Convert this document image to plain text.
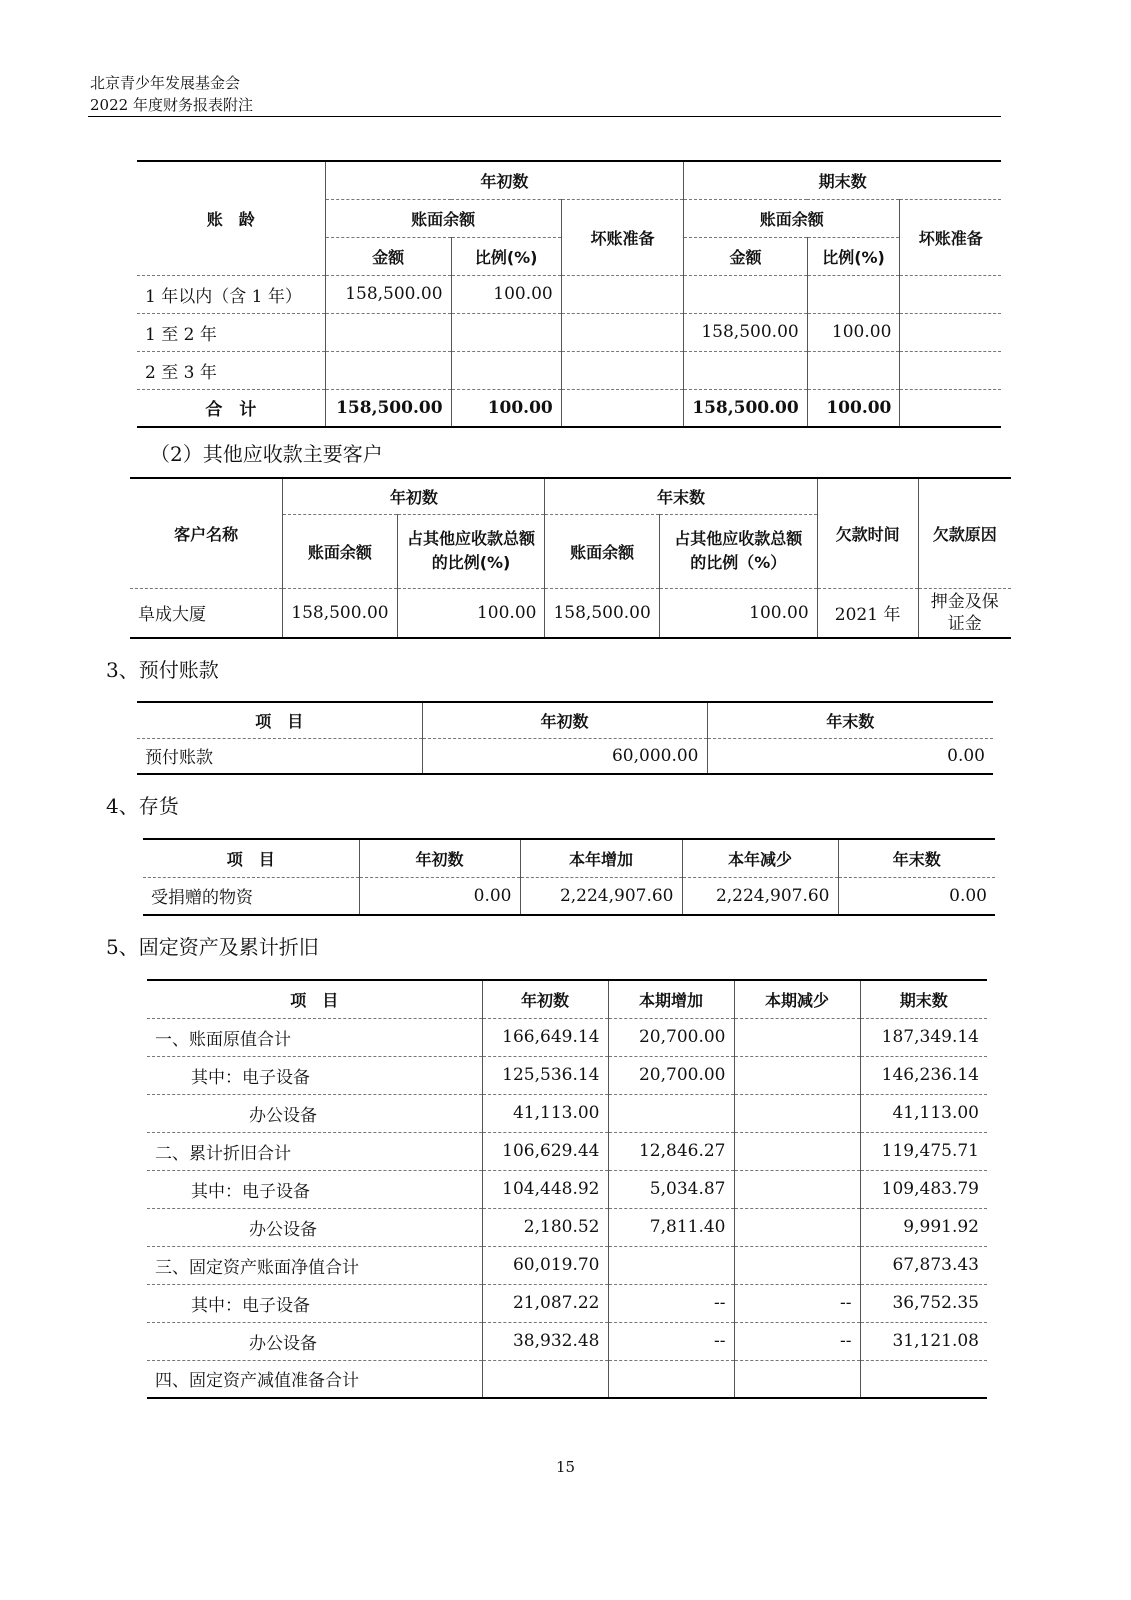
北京青少年发展基金会
2022 年度财务报表附注
账　龄	年初数			期末数		
	账面余额		坏账准备	账面余额		坏账准备
	金额	比例(%)		金额	比例(%)	
1 年以内（含 1 年）	158,500.00	100.00				
1 至 2 年				158,500.00	100.00	
2 至 3 年						
合　计	158,500.00	100.00		158,500.00	100.00	
（2）其他应收款主要客户
客户名称	年初数		年末数		欠款时间	欠款原因
	账面余额	占其他应收款总额的比例(%)	账面余额	占其他应收款总额的比例（%）		
阜成大厦	158,500.00	100.00	158,500.00	100.00	2021 年	押金及保证金
3、预付账款
项　目	年初数	年末数
预付账款	60,000.00	0.00
4、存货
项　目	年初数	本年增加	本年减少	年末数
受捐赠的物资	0.00	2,224,907.60	2,224,907.60	0.00
5、固定资产及累计折旧
项　目	年初数	本期增加	本期减少	期末数
一、账面原值合计	166,649.14	20,700.00		187,349.14
其中：电子设备	125,536.14	20,700.00		146,236.14
办公设备	41,113.00			41,113.00
二、累计折旧合计	106,629.44	12,846.27		119,475.71
其中：电子设备	104,448.92	5,034.87		109,483.79
办公设备	2,180.52	7,811.40		9,991.92
三、固定资产账面净值合计	60,019.70			67,873.43
其中：电子设备	21,087.22	--	--	36,752.35
办公设备	38,932.48	--	--	31,121.08
四、固定资产减值准备合计				
15
